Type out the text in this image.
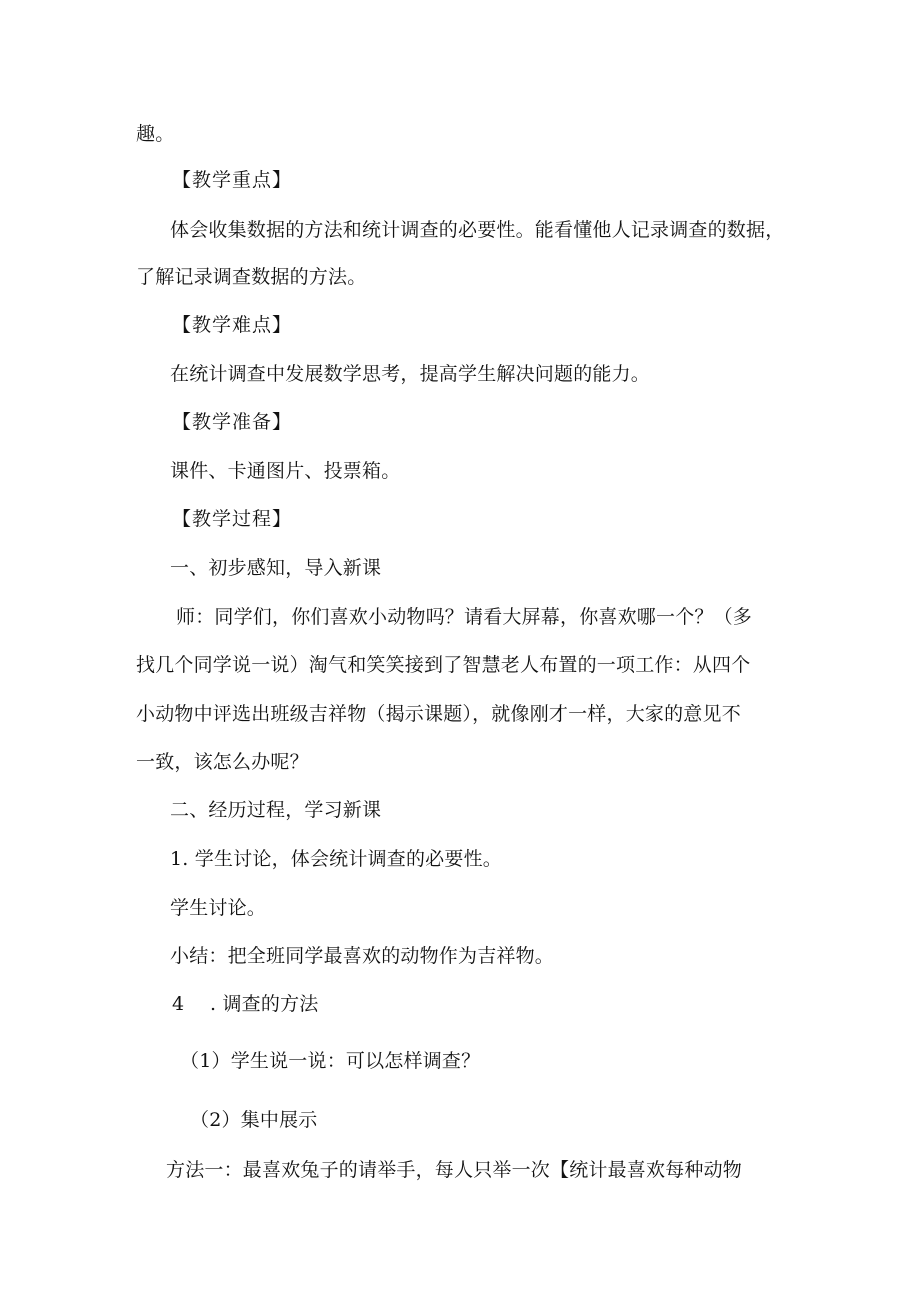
趣。
【教学重点】
体会收集数据的方法和统计调查的必要性。能看懂他人记录调查的数据，
了解记录调查数据的方法。
【教学难点】
在统计调查中发展数学思考，提高学生解决问题的能力。
【教学准备】
课件、卡通图片、投票箱。
【教学过程】
一、初步感知，导入新课
师：同学们，你们喜欢小动物吗？请看大屏幕，你喜欢哪一个？（多
找几个同学说一说）淘气和笑笑接到了智慧老人布置的一项工作：从四个
小动物中评选出班级吉祥物（揭示课题），就像刚才一样，大家的意见不
一致，该怎么办呢？
二、经历过程，学习新课
1. 学生讨论，体会统计调查的必要性。
学生讨论。
小结：把全班同学最喜欢的动物作为吉祥物。
4 . 调查的方法
（1）学生说一说：可以怎样调查？
（2）集中展示
方法一：最喜欢兔子的请举手，每人只举一次【统计最喜欢每种动物
